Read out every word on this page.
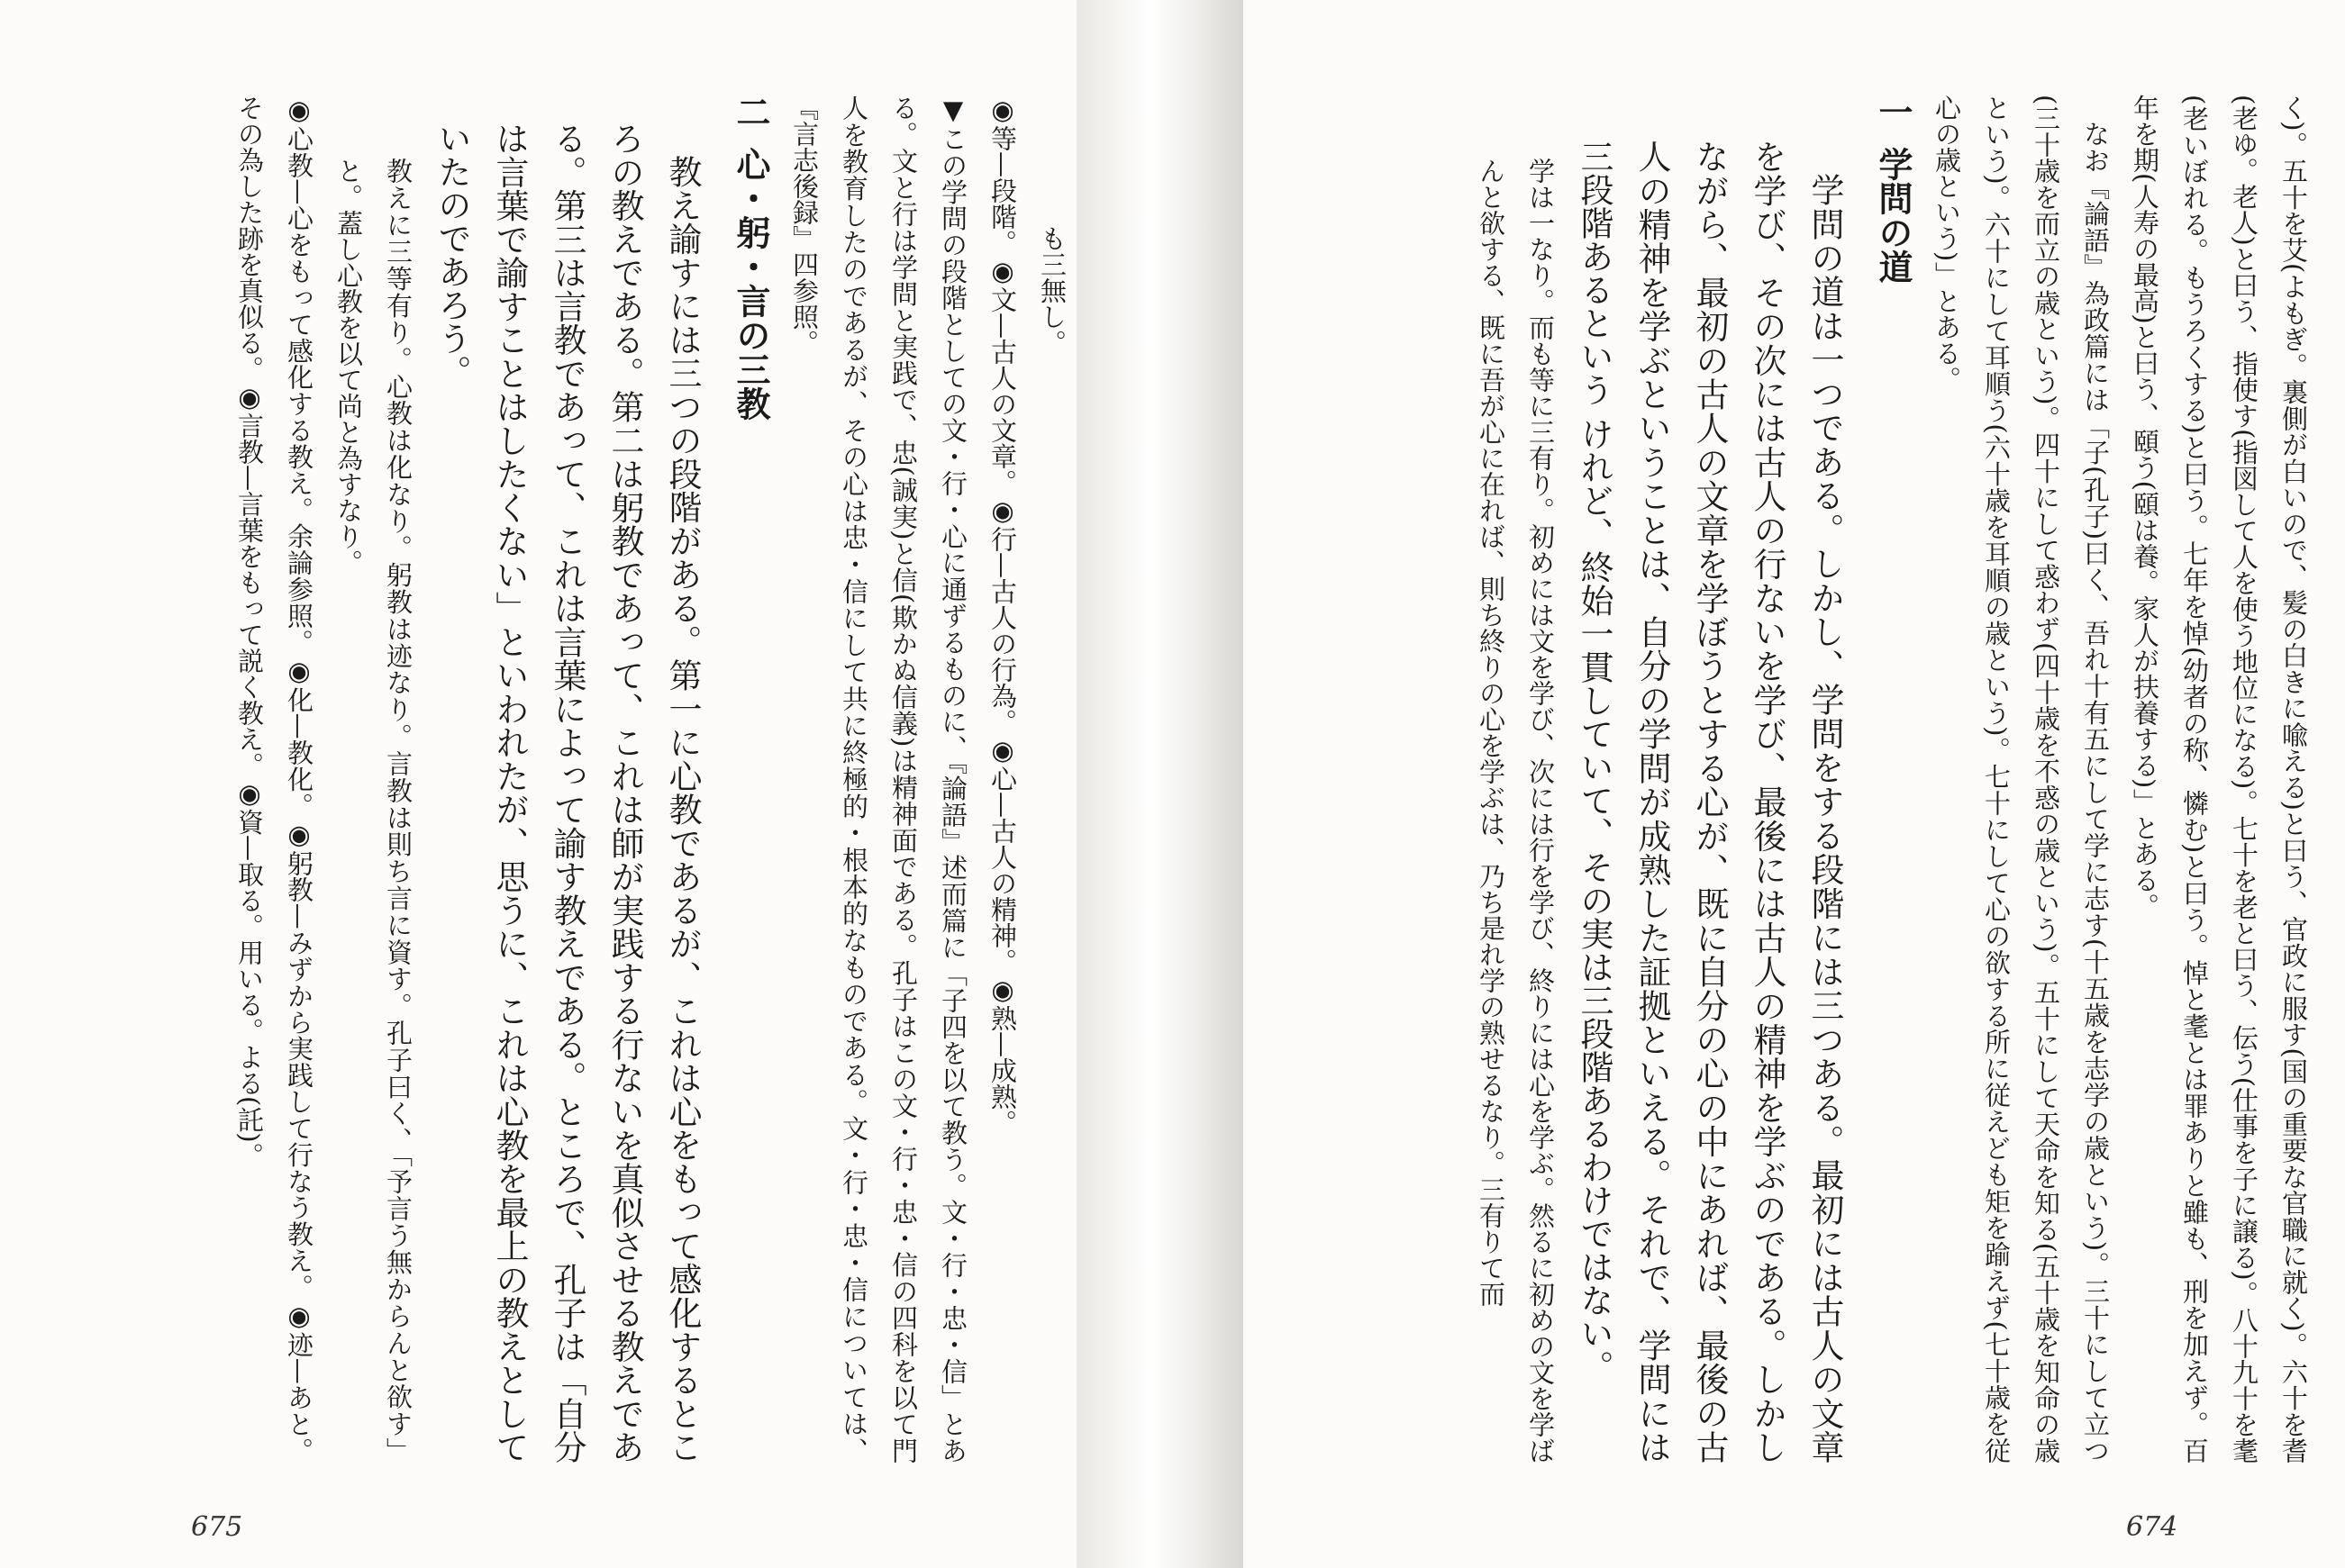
も三無し。

◉等—段階。◉文—古人の文章。◉行—古人の行為。◉心—古人の精神。◉熟—成熟。

▼この学問の段階としての文・行・心に通ずるものに、『論語』述而篇に「子四を以て教う。文・行・忠・信」とある。文と行は学問と実践で、忠(誠実)と信(欺かぬ信義)は精神面である。孔子はこの文・行・忠・信の四科を以て門人を教育したのであるが、その心は忠・信にして共に終極的・根本的なものである。文・行・忠・信については、『言志後録』四参照。

二心・躬・言の三教

教え諭すには三つの段階がある。第一に心教であるが、これは心をもって感化するところの教えである。第二は躬教であって、これは師が実践する行ないを真似させる教えである。第三は言教であって、これは言葉によって諭す教えである。ところで、孔子は「自分は言葉で諭すことはしたくない」といわれたが、思うに、これは心教を最上の教えとしていたのであろう。

教えに三等有り。心教は化なり。躬教は迹なり。言教は則ち言に資す。孔子曰く、「予言う無からんと欲す」と。蓋し心教を以て尚と為すなり。

◉心教—心をもって感化する教え。余論参照。◉化—教化。◉躬教—みずから実践して行なう教え。◉迹—あと。その為した跡を真似る。◉言教—言葉をもって説く教え。◉資—取る。用いる。よる(託)。

675

く)。五十を艾(よもぎ。裏側が白いので、髪の白きに喩える)と曰う、官政に服す(国の重要な官職に就く)。六十を耆(老ゆ。老人)と曰う、指使す(指図して人を使う地位になる)。七十を老と曰う、伝う(仕事を子に譲る)。八十九十を耄(老いぼれる。もうろくする)と曰う。七年を悼(幼者の称、憐む)と曰う。悼と耄とは罪ありと雖も、刑を加えず。百年を期(人寿の最高)と曰う、頤う(頤は養。家人が扶養する)」とある。

なお『論語』為政篇には「子(孔子)曰く、吾れ十有五にして学に志す(十五歳を志学の歳という)。三十にして立つ(三十歳を而立の歳という)。四十にして惑わず(四十歳を不惑の歳という)。五十にして天命を知る(五十歳を知命の歳という)。六十にして耳順う(六十歳を耳順の歳という)。七十にして心の欲する所に従えども矩を踰えず(七十歳を従心の歳という)」とある。

一学問の道

学問の道は一つである。しかし、学問をする段階には三つある。最初には古人の文章を学び、その次には古人の行ないを学び、最後には古人の精神を学ぶのである。しかしながら、最初の古人の文章を学ぼうとする心が、既に自分の心の中にあれば、最後の古人の精神を学ぶということは、自分の学問が成熟した証拠といえる。それで、学問には三段階あるという けれど、終始一貫していて、その実は三段階あるわけではない。

学は一なり。而も等に三有り。初めには文を学び、次には行を学び、終りには心を学ぶ。然るに初めの文を学ばんと欲する、既に吾が心に在れば、則ち終りの心を学ぶは、乃ち是れ学の熟せるなり。三有りて而

674
